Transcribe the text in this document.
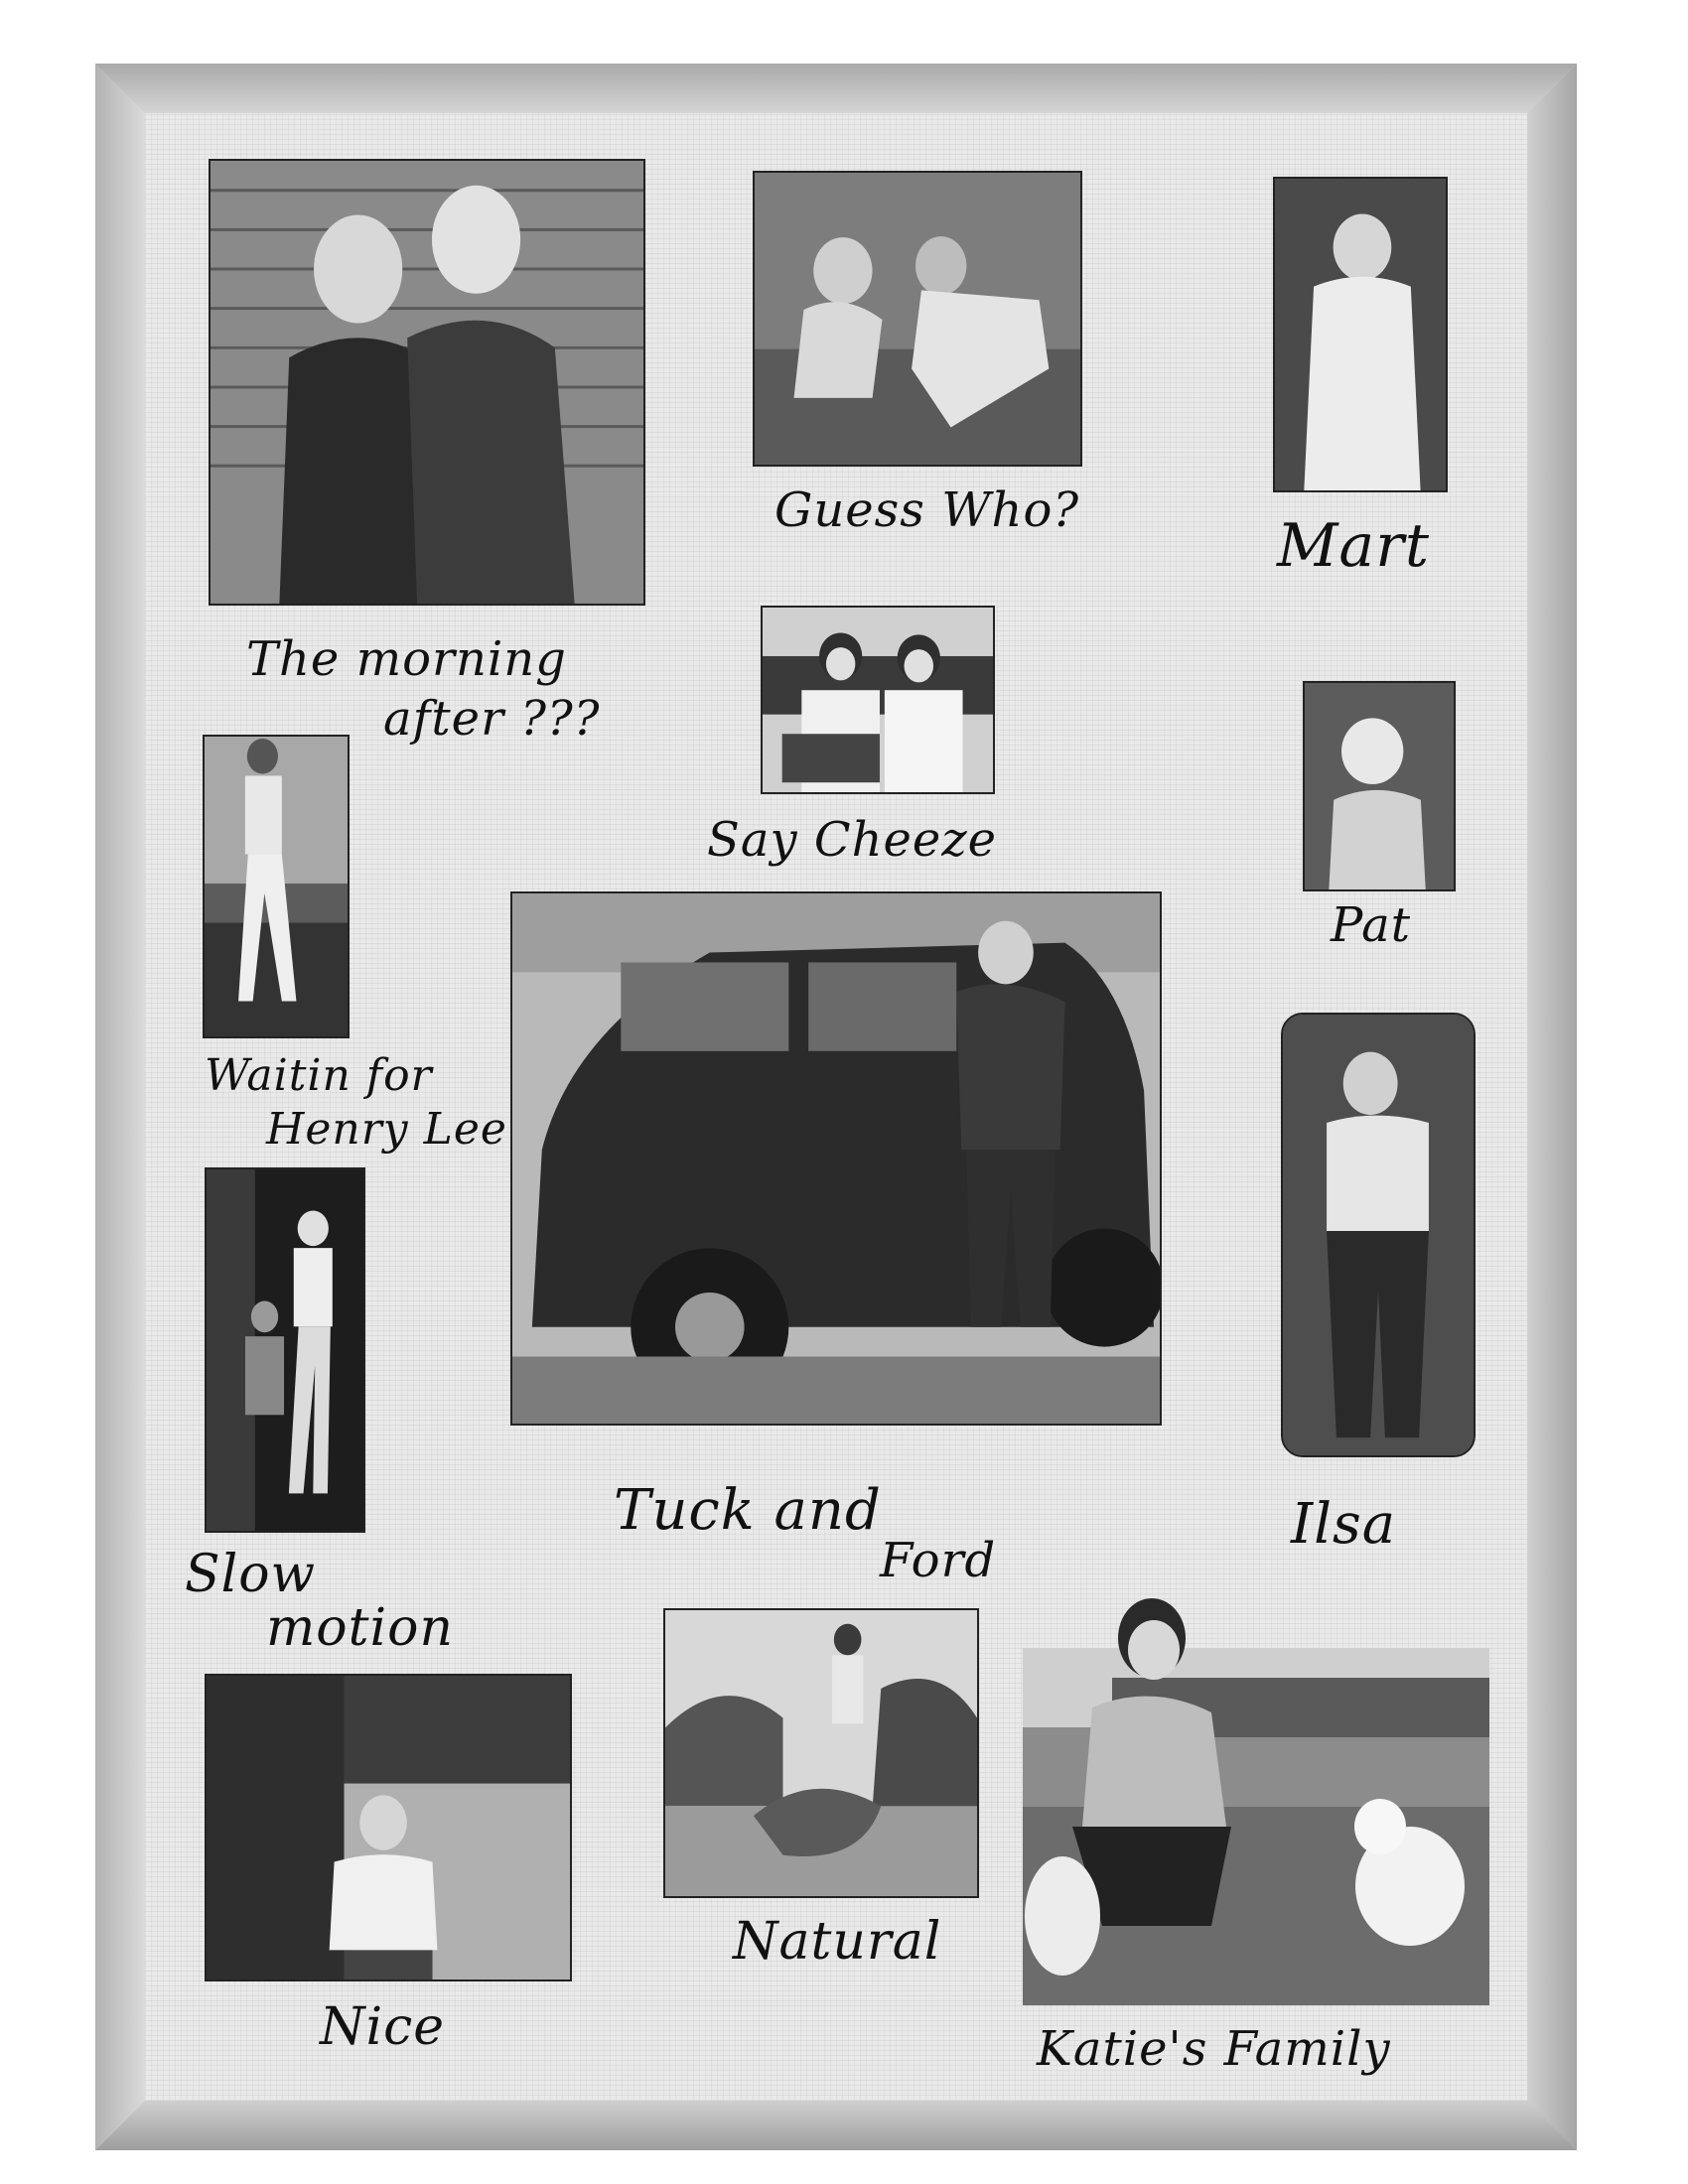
The morning
after ???
Guess Who?
Mart
Say Cheeze
Pat
Waitin for
Henry Lee
Tuck and
Ford
Ilsa
Slow
motion
Nice
Natural
Katie's Family
